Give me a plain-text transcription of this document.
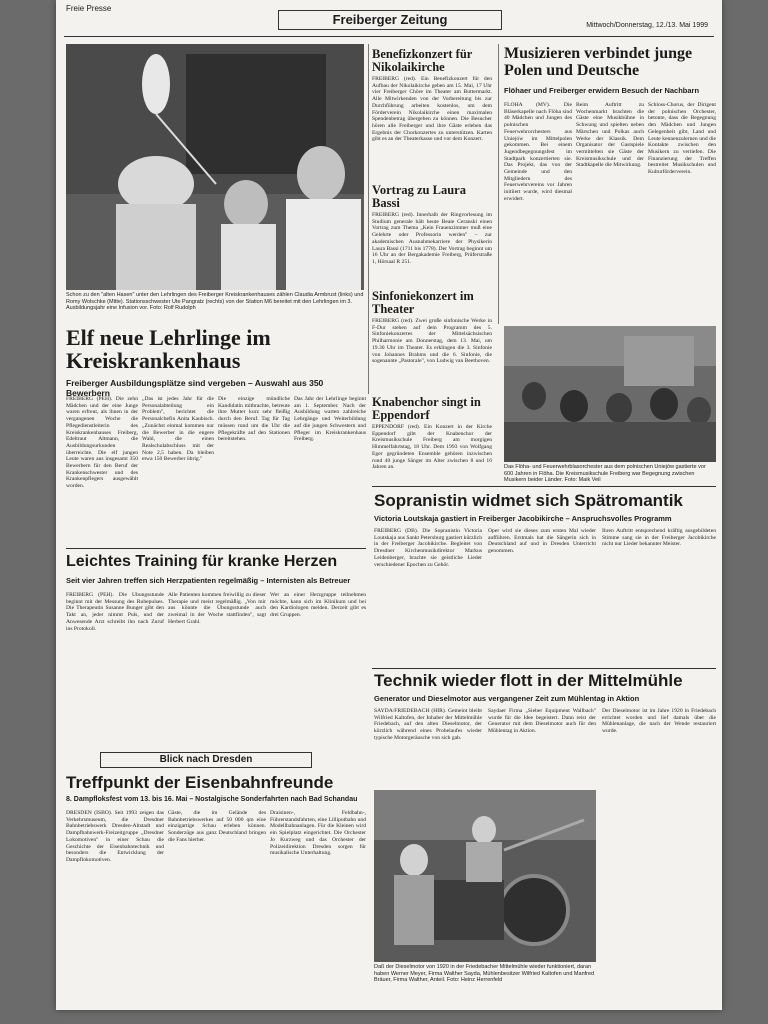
Freie Presse
Freiberger Zeitung	Mittwoch/Donnerstag, 12./13. Mai 1999
Schon zu den "alten Hasen" unter den Lehrlingen des Freiberger Kreiskrankenhauses zählen Claudia Armbrust (links) und Romy Wolschke (Mitte). Stationsschwester Ute Pangratz (rechts) von der Station M6 bereitet mit den Lehrlingen im 3. Ausbildungsjahr eine Infusion vor. Foto: Rolf Rudolph
Benefizkonzert für Nikolaikirche
FREIBERG (red). Ein Benefizkonzert für den Aufbau der Nikolaikirche geben am 15. Mai, 17 Uhr vier Freiberger Chöre im Theater am Buttermarkt. Alle Mitwirkenden von der Vorbereitung bis zur Durchführung arbeiten kostenlos, um dem Förderverein Nikolaikirche einen maximalen Spendenbetrag übergeben zu können. Die Besucher hören alle Freiberger und ihre Gäste erleben das Ergebnis der Chorkonzertes zu unterstützen. Karten gibt es an der Theaterkasse und vor dem Konzert.
Vortrag zu Laura Bassi
FREIBERG (red). Innerhalb der Ringvorlesung im Studium generale hält heute Beate Ceranski einen Vortrag zum Thema „Kein Frauenzimmer muß eine Gelehrte oder Professorin werden" – zur akademischen Ausnahmekarriere der Physikerin Laura Bassi (1711 bis 1778). Der Vortrag beginnt um 16 Uhr an der Bergakademie Freiberg, Prüferstraße 1, Hörsaal R 251.
Sinfoniekonzert im Theater
FREIBERG (red). Zwei große sinfonische Werke in F-Dur stehen auf dem Programm des 5. Sinfoniekonzertes der Mittelsächsischen Philharmonie am Donnerstag, dem 13. Mai, um 19.30 Uhr im Theater. Es erklingen die 3. Sinfonie von Johannes Brahms und die 6. Sinfonie, die sogenannte „Pastorale", von Ludwig van Beethoven.
Knabenchor singt in Eppendorf
EPPENDORF (red). Ein Konzert in der Kirche Eppendorf gibt der Knabenchor der Kreismusikschule Freiberg am morgigen Himmelfahrtstag, 18 Uhr. Dem 1993 von Wolfgang Eger gegründeten Ensemble gehören inzwischen rund 40 junge Sänger im Alter zwischen 8 und 16 Jahren an.
Musizieren verbindet junge Polen und Deutsche
Flöhaer und Freiberger erwidern Besuch der Nachbarn
FLÖHA (MV). Die Bläserkapelle nach Flöha sind 40 Mädchen und Jungen des polnischen Feuerwehrorchesters aus Uniejów im Mittelpolen gekommen. Bei einem Jugendbegegnungsfest im Stadtpark konzertierten sie. Das Projekt, das von der Gemeinde und den Mitgliedern des Feuerwehrvereins vor Jahren initiiert wurde, wird diesmal erwidert.
Beim Auftritt zu Wochenmarkt brachten die Gäste eine Musikbühne in Schwung und spielten neben Märschen und Polkas auch Werke der Klassik. Dem Organisator der Gastspiele vermittelten sie Gäste der Kreismusikschule und der Stadtkapelle die Mitwirkung.
Schloss-Chorus, der Dirigent der polnischen Orchester, betonte, dass die Begegnung den Mädchen und Jungen Gelegenheit gibt, Land und Leute kennenzulernen und die Kontakte zwischen den Musikern zu vertiefen. Die Finanzierung der Treffen bestreitet Musikschulen und Kulturförderverein.
Das Flöha- und Feuerwehrblasorchester aus dem polnischen Uniejów gastierte vor 600 Jahren in Flöha. Die Kreismusikschule Freiberg war Begegnung zwischen Musikern beider Länder. Foto: Maik Veil
Elf neue Lehrlinge im Kreiskrankenhaus
Freiberger Ausbildungsplätze sind vergeben – Auswahl aus 350 Bewerbern
FREIBERG (PEH). Die zehn Mädchen und der eine Junge waren erfreut, als ihnen in der vergangenen Woche die Pflegedienstleiterin des Kreiskrankenhauses Freiberg, Edeltraut Altmann, die Ausbildungsurkunden überreichte. Die elf jungen Leute waren aus insgesamt 350 Bewerbern für den Beruf der Krankenschwester und des Krankenpflegers ausgewählt worden.
„Das ist jedes Jahr für die Personalabteilung ein Problem", berichtet die Personalchefin Anita Kaubisch. „Zunächst einmal kommen nur die Bewerber in die engere Wahl, die einen Realschulabschluss mit der Note 2,5 haben. Da bleiben etwa 150 Bewerber übrig."
Die einzige mündliche Kandidatin mitbrachte, betreute ihre Mutter kurz sehr fleißig durch den Beruf. Tag für Tag müssen rund um die Uhr die Pflegekräfte auf den Stationen bereitstehen.
Das Jahr der Lehrlinge beginnt am 1. September. Nach der Ausbildung warten zahlreiche Lehrgänge und Weiterbildung auf die jungen Schwestern und Pfleger im Kreiskrankenhaus Freiberg.
Leichtes Training für kranke Herzen
Seit vier Jahren treffen sich Herzpatienten regelmäßig – Internisten als Betreuer
FREIBERG (PEH). Die Übungsstunde beginnt mit der Messung des Ruhepulses. Die Therapeutin Susanne Bunger gibt den Takt an, jeder nimmt Puls, und der Anwesende Arzt schreibt ihn nach Zuruf ins Protokoll.
Alle Patienten kommen freiwillig zu dieser Therapie und meist regelmäßig. „Von mir aus könnte die Übungsstunde auch zweimal in der Woche stattfinden", sagt Herbert Grahl.
Wer an einer Herzgruppe teilnehmen möchte, kann sich im Klinikum und bei den Kardiologen melden. Derzeit gibt es drei Gruppen.
Blick nach Dresden
Treffpunkt der Eisenbahnfreunde
8. Dampfloksfest vom 13. bis 16. Mai – Nostalgische Sonderfahrten nach Bad Schandau
DRESDEN (ISBO). Seit 1993 zeigen das Verkehrsmuseum, die Dresdner Bahnbetriebswerk Dresden-Altstadt und Dampfbahnwerk-Freizeitgruppe „Dresdner Lokomotiven" in einer Schau die Geschichte der Eisenbahntechnik und besonders die Entwicklung der Dampflokomotiven.
Gäste, die im Gelände des Bahnbetriebswerkes auf 50 000 qm eine einzigartige Schau erleben können. Sonderzüge aus ganz Deutschland bringen die Fans hierher.
Draisinen-, Feldbahn-, Führerstandsfahrten, eine Lilliputbahn und Modellbahnanlagen. Für die Kleinen wird ein Spielplatz eingerichtet. Die Orchester Jo Kurzweg und das Orchester der Polizeidirektion Dresden sorgen für musikalische Unterhaltung.
Sopranistin widmet sich Spätromantik
Victoria Loutskaja gastiert in Freiberger Jacobikirche – Anspruchsvolles Programm
FREIBERG (DB). Die Sopranistin Victoria Loutskaja aus Sankt Petersburg gastiert kürzlich in der Freiberger Jacobikirche. Begleitet von Dresdner Kirchenmusikdirektor Markus Leidenberger, brachte sie geistliche Lieder verschiedener Epochen zu Gehör.
Oper wird sie dieses zum ersten Mal wieder aufführen. Erstmals hat die Sängerin sich in Deutschland auf und in Dresden Unterricht genommen.
Ihren Auftritt entsprechend kräftig ausgebildeten Stimme sang sie in der Freiberger Jacobikirche nicht nur Lieder bekannter Meister.
Technik wieder flott in der Mittelmühle
Generator und Dieselmotor aus vergangener Zeit zum Mühlentag in Aktion
SAYDA/FRIEDEBACH (HIR). Gemeint bleibt Wilfried Kaltofen, der Inhaber der Mittelmühle Friedebach, auf den alten Dieselmotor, der kürzlich während eines Probelaufes wieder typische Motorgeräusche von sich gab.
Saydaer Firma „Sieber Equipment Wallbach" wurde für die Idee begeistert. Dann reist der Generator mit dem Dieselmotor auch für den Mühlentag in Aktion.
Der Dieselmotor ist im Jahre 1920 in Friedebach errichtet worden und lief damals über die Mühlenanlage, die nach der Wende restauriert wurde.
Daß der Dieselmotor von 1920 in der Friedebacher Mittelmühle wieder funktioniert, daran haben Werner Meyer, Firma Walther Sayda, Mühlenbesitzer Wilfried Kaltofen und Manfred Bräuer, Firma Walther, Anteil. Foto: Heinz Herrenfeld
